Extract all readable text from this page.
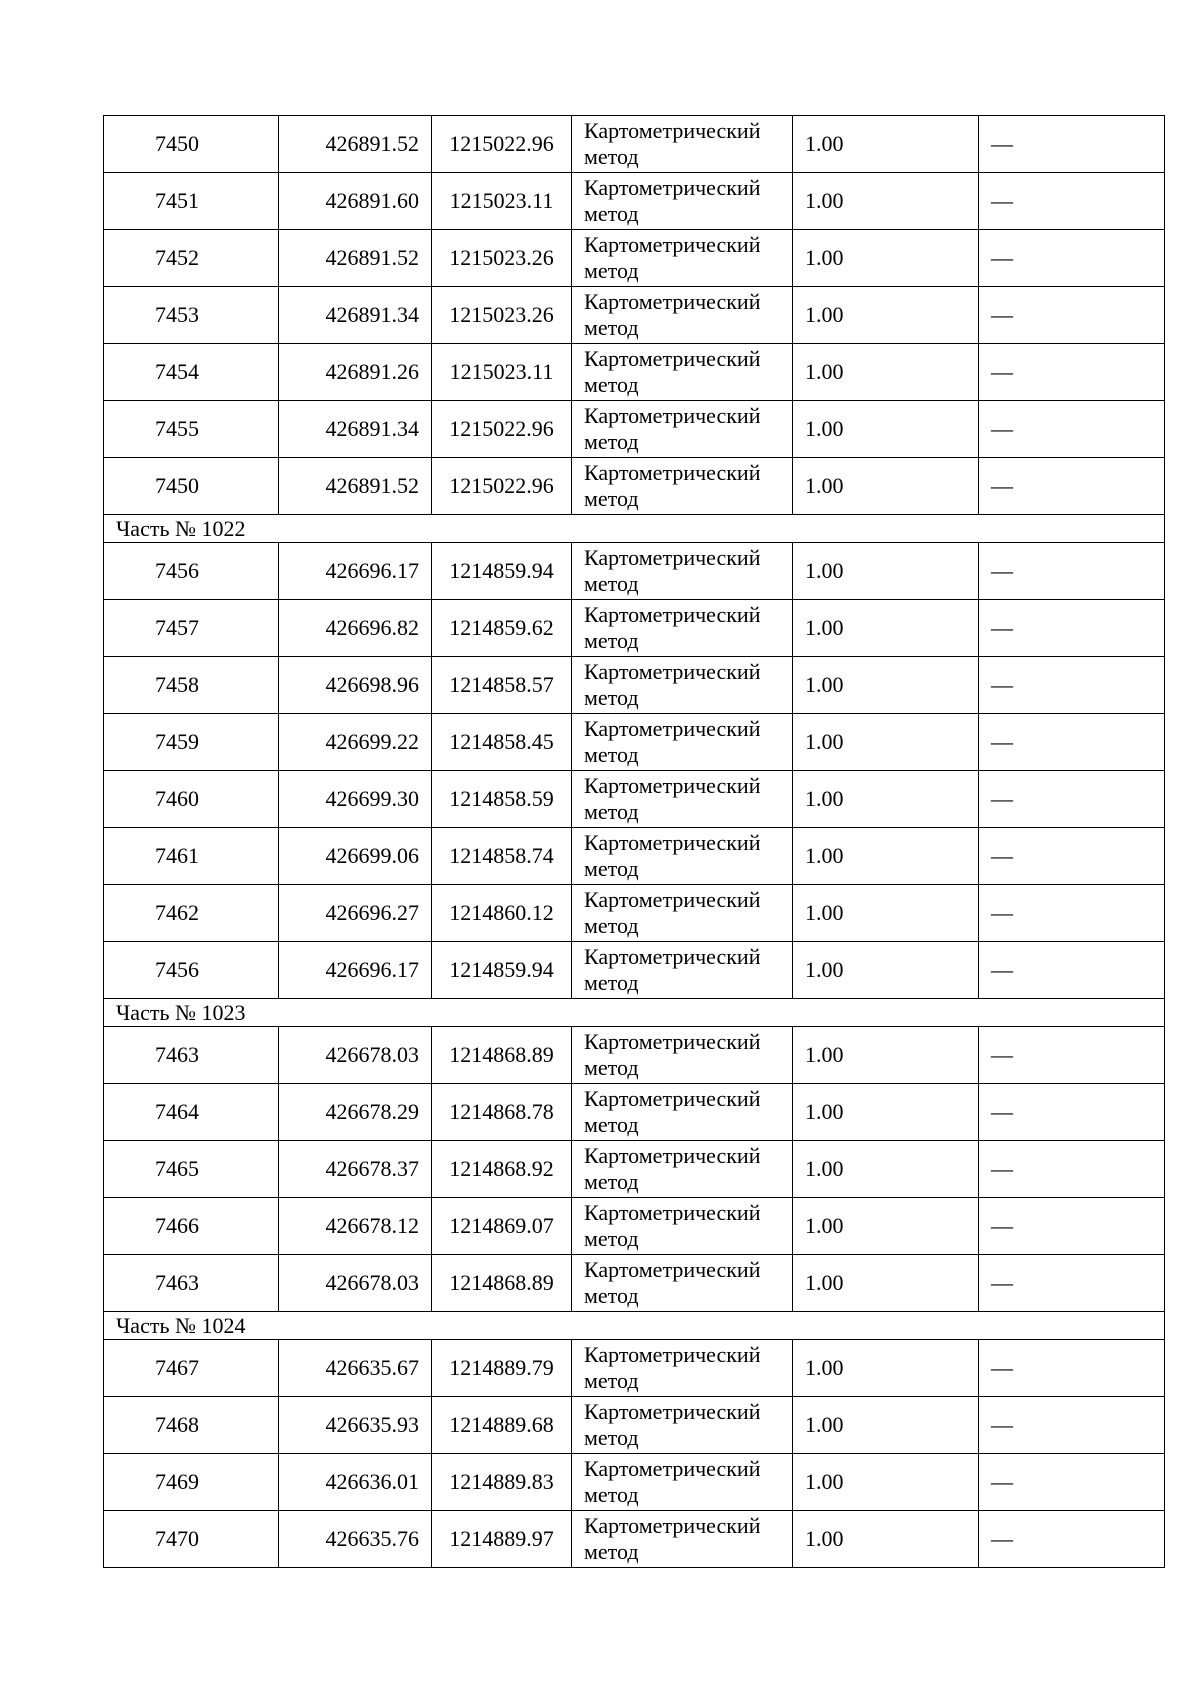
7450	426891.52	1215022.96	Картометрический
метод	1.00	—
7451	426891.60	1215023.11	Картометрический
метод	1.00	—
7452	426891.52	1215023.26	Картометрический
метод	1.00	—
7453	426891.34	1215023.26	Картометрический
метод	1.00	—
7454	426891.26	1215023.11	Картометрический
метод	1.00	—
7455	426891.34	1215022.96	Картометрический
метод	1.00	—
7450	426891.52	1215022.96	Картометрический
метод	1.00	—
Часть № 1022					
7456	426696.17	1214859.94	Картометрический
метод	1.00	—
7457	426696.82	1214859.62	Картометрический
метод	1.00	—
7458	426698.96	1214858.57	Картометрический
метод	1.00	—
7459	426699.22	1214858.45	Картометрический
метод	1.00	—
7460	426699.30	1214858.59	Картометрический
метод	1.00	—
7461	426699.06	1214858.74	Картометрический
метод	1.00	—
7462	426696.27	1214860.12	Картометрический
метод	1.00	—
7456	426696.17	1214859.94	Картометрический
метод	1.00	—
Часть № 1023					
7463	426678.03	1214868.89	Картометрический
метод	1.00	—
7464	426678.29	1214868.78	Картометрический
метод	1.00	—
7465	426678.37	1214868.92	Картометрический
метод	1.00	—
7466	426678.12	1214869.07	Картометрический
метод	1.00	—
7463	426678.03	1214868.89	Картометрический
метод	1.00	—
Часть № 1024					
7467	426635.67	1214889.79	Картометрический
метод	1.00	—
7468	426635.93	1214889.68	Картометрический
метод	1.00	—
7469	426636.01	1214889.83	Картометрический
метод	1.00	—
7470	426635.76	1214889.97	Картометрический
метод	1.00	—
